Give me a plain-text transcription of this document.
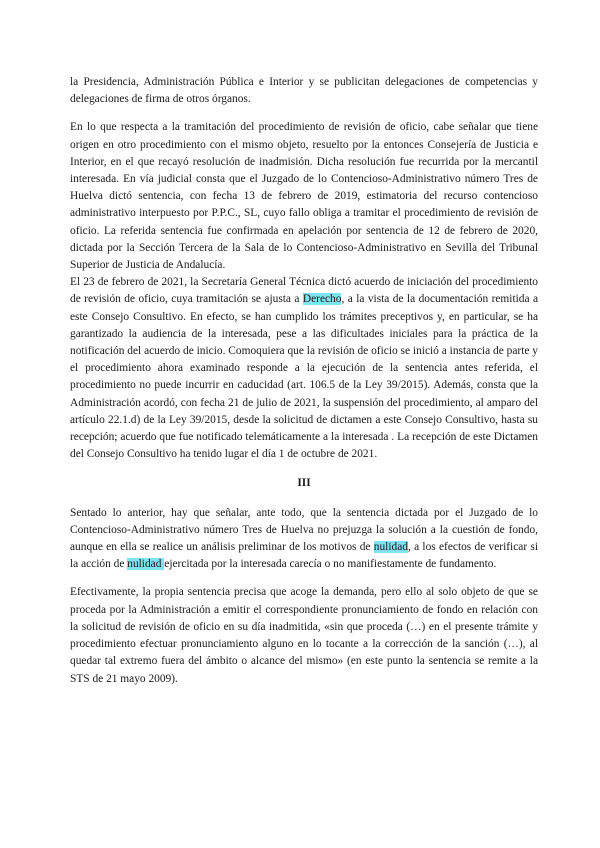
la Presidencia, Administración Pública e Interior y se publicitan delegaciones de competencias y delegaciones de firma de otros órganos.

En lo que respecta a la tramitación del procedimiento de revisión de oficio, cabe señalar que tiene origen en otro procedimiento con el mismo objeto, resuelto por la entonces Consejería de Justicia e Interior, en el que recayó resolución de inadmisión. Dicha resolución fue recurrida por la mercantil interesada. En vía judicial consta que el Juzgado de lo Contencioso-Administrativo número Tres de Huelva dictó sentencia, con fecha 13 de febrero de 2019, estimatoria del recurso contencioso administrativo interpuesto por P.P.C., SL, cuyo fallo obliga a tramitar el procedimiento de revisión de oficio. La referida sentencia fue confirmada en apelación por sentencia de 12 de febrero de 2020, dictada por la Sección Tercera de la Sala de lo Contencioso-Administrativo en Sevilla del Tribunal Superior de Justicia de Andalucía.

El 23 de febrero de 2021, la Secretaría General Técnica dictó acuerdo de iniciación del procedimiento de revisión de oficio, cuya tramitación se ajusta a Derecho, a la vista de la documentación remitida a este Consejo Consultivo. En efecto, se han cumplido los trámites preceptivos y, en particular, se ha garantizado la audiencia de la interesada, pese a las dificultades iniciales para la práctica de la notificación del acuerdo de inicio. Comoquiera que la revisión de oficio se inició a instancia de parte y el procedimiento ahora examinado responde a la ejecución de la sentencia antes referida, el procedimiento no puede incurrir en caducidad (art. 106.5 de la Ley 39/2015). Además, consta que la Administración acordó, con fecha 21 de julio de 2021, la suspensión del procedimiento, al amparo del artículo 22.1.d) de la Ley 39/2015, desde la solicitud de dictamen a este Consejo Consultivo, hasta su recepción; acuerdo que fue notificado telemáticamente a la interesada . La recepción de este Dictamen del Consejo Consultivo ha tenido lugar el día 1 de octubre de 2021.

III

Sentado lo anterior, hay que señalar, ante todo, que la sentencia dictada por el Juzgado de lo Contencioso-Administrativo número Tres de Huelva no prejuzga la solución a la cuestión de fondo, aunque en ella se realice un análisis preliminar de los motivos de nulidad, a los efectos de verificar si la acción de nulidad ejercitada por la interesada carecía o no manifiestamente de fundamento.

Efectivamente, la propia sentencia precisa que acoge la demanda, pero ello al solo objeto de que se proceda por la Administración a emitir el correspondiente pronunciamiento de fondo en relación con la solicitud de revisión de oficio en su día inadmitida, «sin que proceda (…) en el presente trámite y procedimiento efectuar pronunciamiento alguno en lo tocante a la corrección de la sanción (…), al quedar tal extremo fuera del ámbito o alcance del mismo» (en este punto la sentencia se remite a la STS de 21 mayo 2009).
